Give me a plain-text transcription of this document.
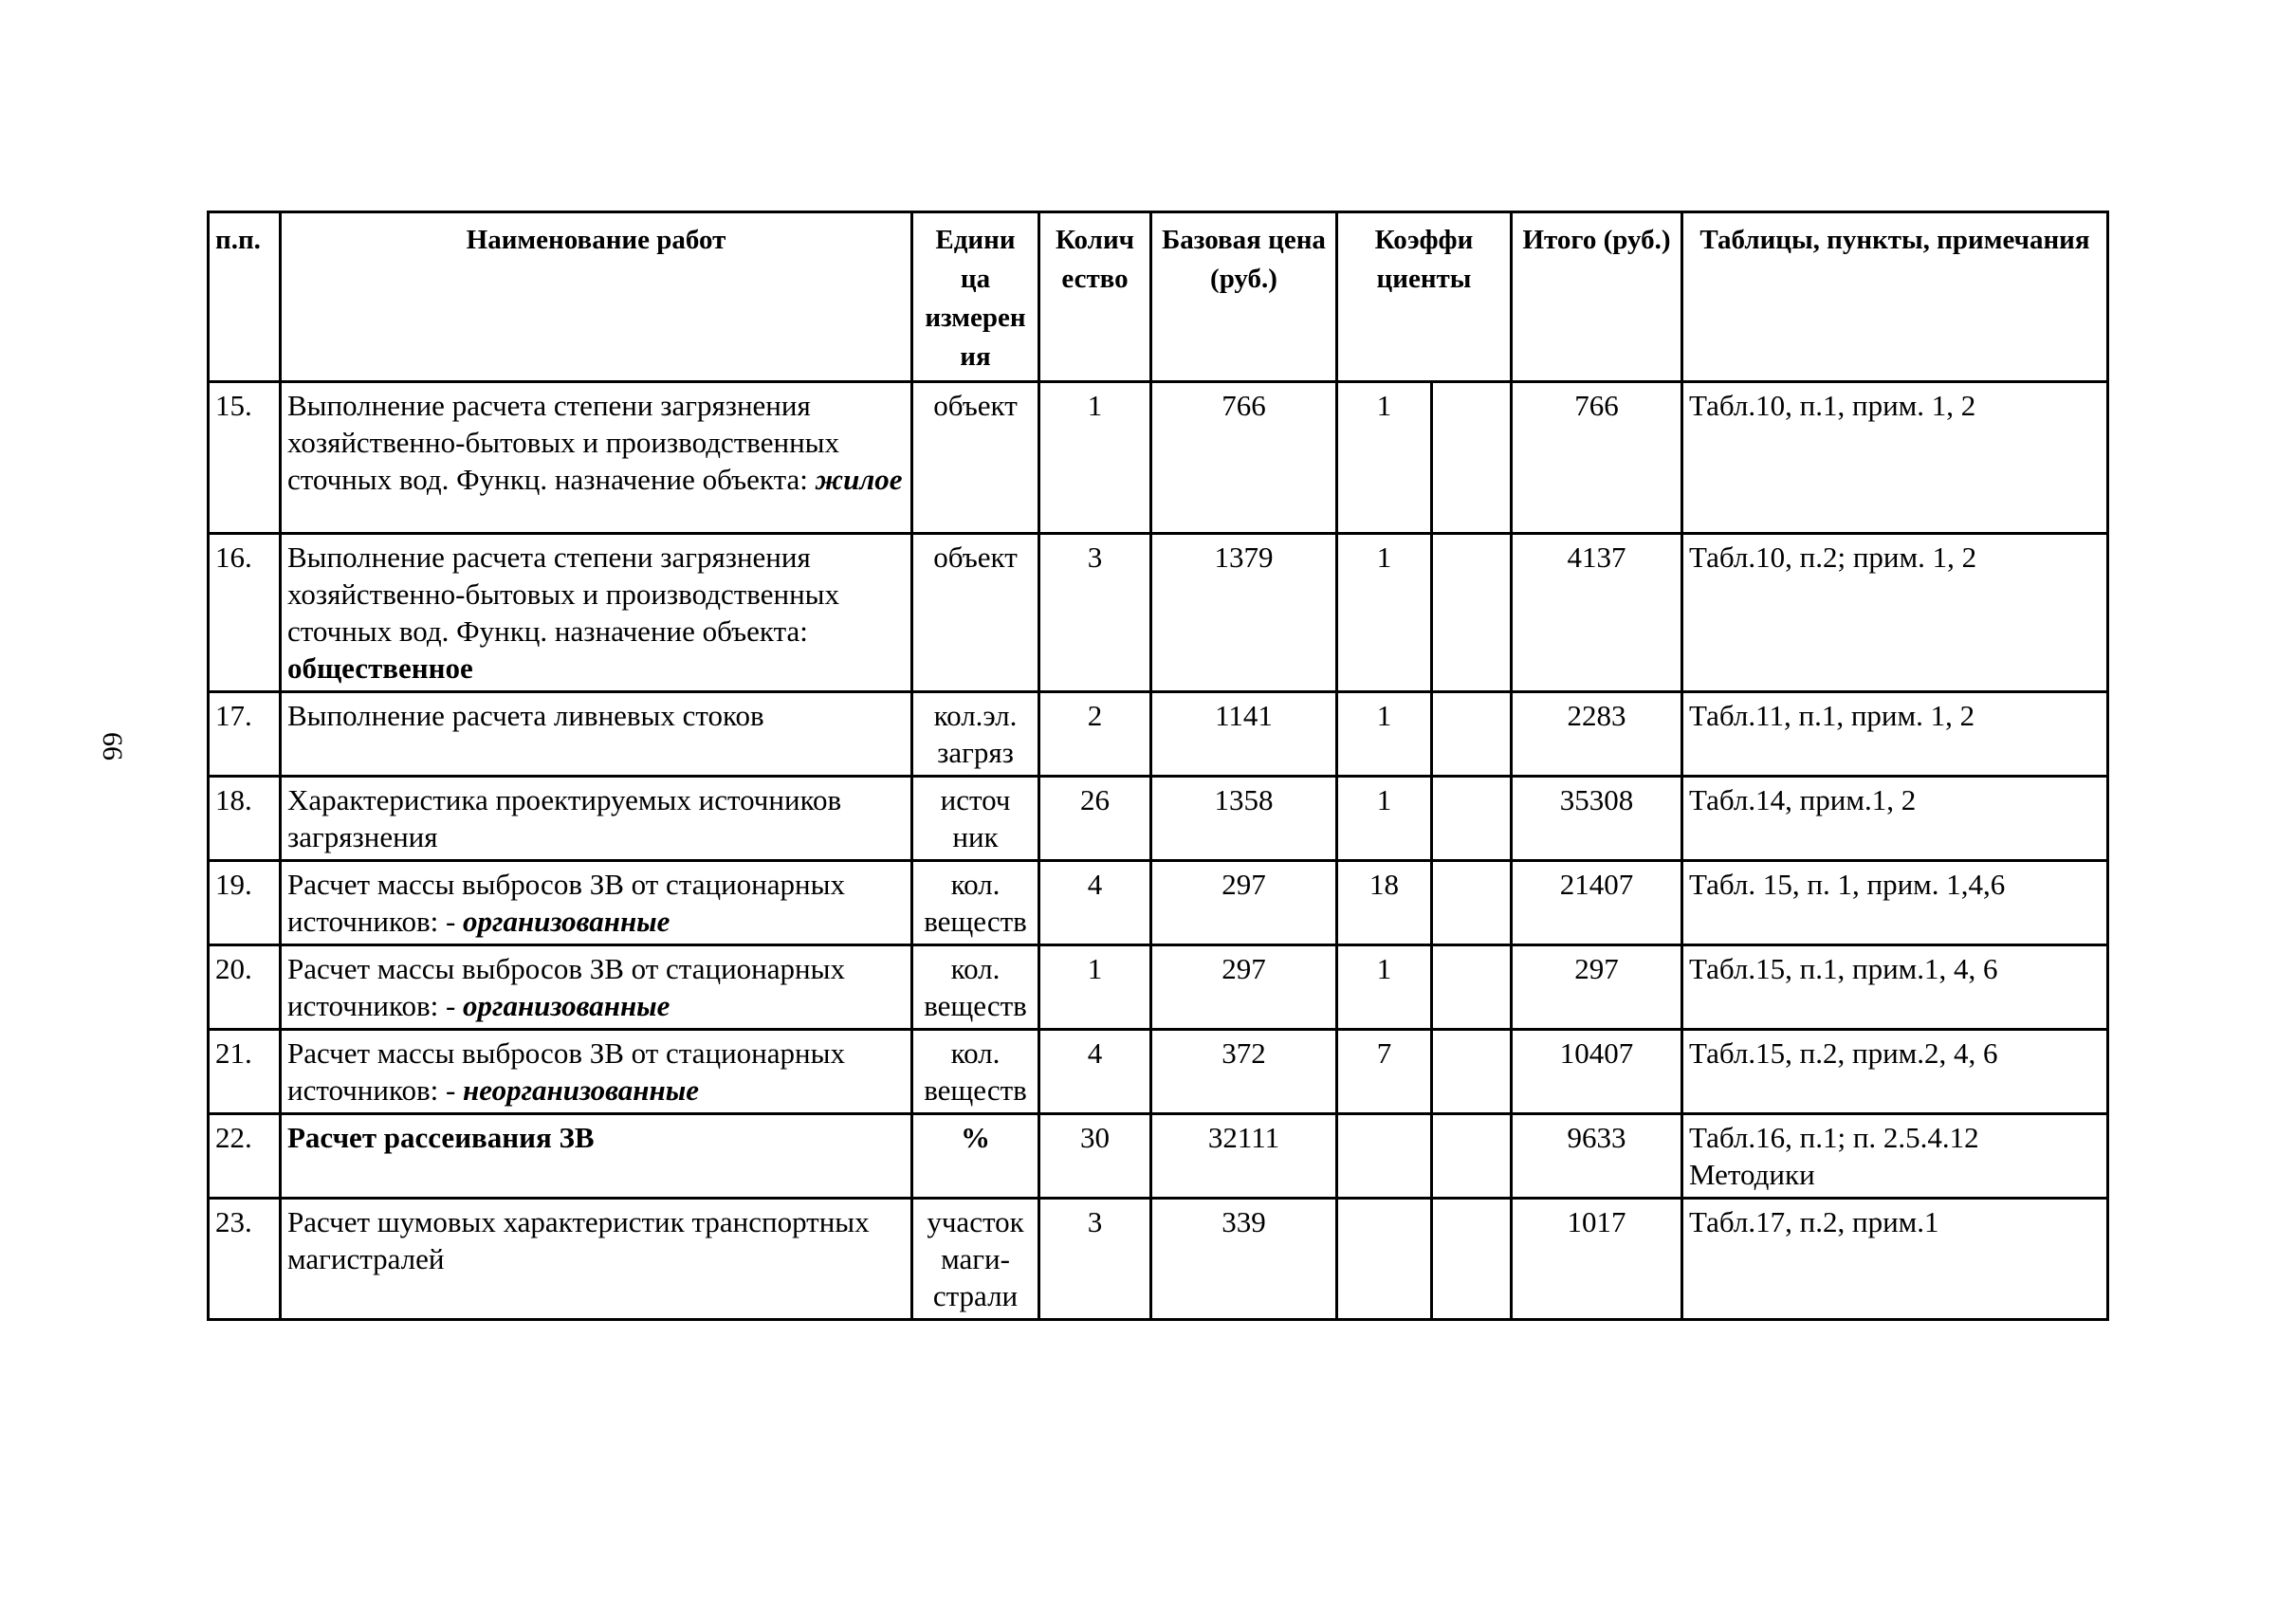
66
п.п.	Наименование работ	Едини ца измерен ия	Колич ество	Базовая цена (руб.)	Коэффи циенты		Итого (руб.)	Таблицы, пункты, примечания
15.	Выполнение расчета степени загрязнения хозяйственно-бытовых и производственных сточных вод. Функц. назначение объекта: жилое	объект	1	766	1		766	Табл.10, п.1, прим. 1, 2
16.	Выполнение расчета степени загрязнения хозяйственно-бытовых и производственных сточных вод. Функц. назначение объекта: общественное	объект	3	1379	1		4137	Табл.10, п.2; прим. 1, 2
17.	Выполнение расчета ливневых стоков	кол.эл. загряз	2	1141	1		2283	Табл.11, п.1, прим. 1, 2
18.	Характеристика проектируемых источников загрязнения	источ ник	26	1358	1		35308	Табл.14, прим.1, 2
19.	Расчет массы выбросов ЗВ от стационарных источников: - организованные	кол. веществ	4	297	18		21407	Табл. 15, п. 1, прим. 1,4,6
20.	Расчет массы выбросов ЗВ от стационарных источников: - организованные	кол. веществ	1	297	1		297	Табл.15, п.1, прим.1, 4, 6
21.	Расчет массы выбросов ЗВ от стационарных источников: - неорганизованные	кол. веществ	4	372	7		10407	Табл.15, п.2, прим.2, 4, 6
22.	Расчет рассеивания ЗВ	%	30	32111			9633	Табл.16, п.1; п. 2.5.4.12 Методики
23.	Расчет шумовых характеристик транспортных магистралей	участок маги- страли	3	339			1017	Табл.17, п.2, прим.1
